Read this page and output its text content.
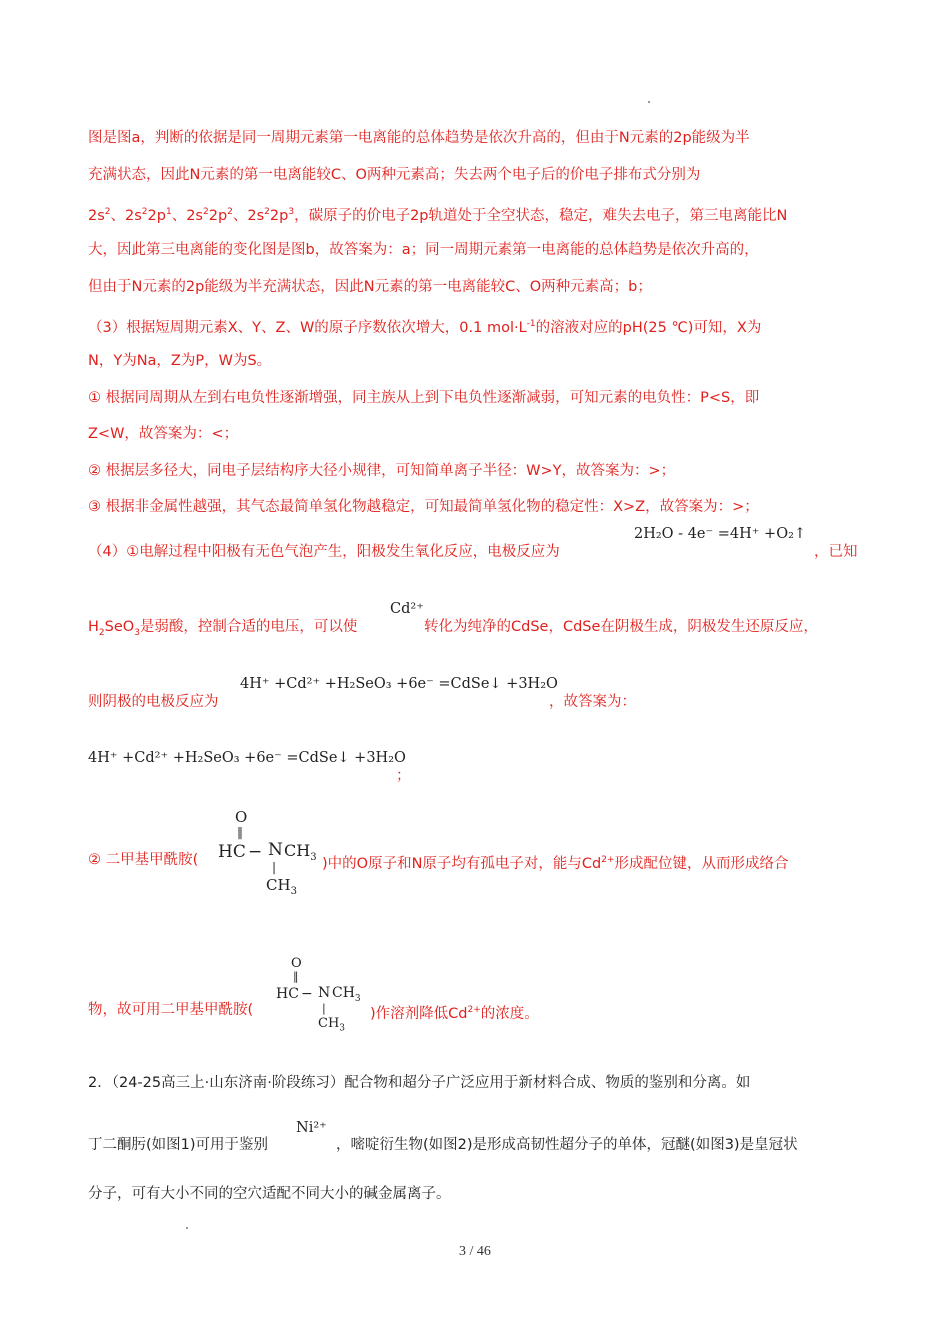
图是图a，判断的依据是同一周期元素第一电离能的总体趋势是依次升高的，但由于N元素的2p能级为半
充满状态，因此N元素的第一电离能较C、O两种元素高；失去两个电子后的价电子排布式分别为
$2s^2$、$2s^22p^1$、$2s^22p^2$、$2s^22p^3$，碳原子的价电子2p轨道处于全空状态，稳定，难失去电子，第三电离能比N
大，因此第三电离能的变化图是图b，故答案为：a；同一周期元素第一电离能的总体趋势是依次升高的，
但由于N元素的2p能级为半充满状态，因此N元素的第一电离能较C、O两种元素高；b；
（3）根据短周期元素X、Y、Z、W的原子序数依次增大，0.1 $mol\cdot L^{-1}$的溶液对应的pH(25 ℃)可知，X为
N，Y为Na，Z为P，W为S。
① 根据同周期从左到右电负性逐渐增强，同主族从上到下电负性逐渐减弱，可知元素的电负性：P<S，即
Z<W，故答案为：<；
② 根据层多径大，同电子层结构序大径小规律，可知简单离子半径：W>Y，故答案为：>；
③ 根据非金属性越强，其气态最简单氢化物越稳定，可知最简单氢化物的稳定性：X>Z，故答案为：>；
（4）①电解过程中阳极有无色气泡产生，阳极发生氧化反应，电极反应为
2H₂O - 4e⁻ =4H⁺ +O₂↑
，已知
$H_2SeO_3$是弱酸，控制合适的电压，可以使
Cd²⁺
转化为纯净的CdSe，CdSe在阴极生成，阴极发生还原反应，
则阴极的电极反应为
4H⁺ +Cd²⁺ +H₂SeO₃ +6e⁻ =CdSe↓ +3H₂O
，故答案为：
4H⁺ +Cd²⁺ +H₂SeO₃ +6e⁻ =CdSe↓ +3H₂O
；
② 二甲基甲酰胺(
O
‖
HC − N $CH_3$
|
$CH_3$
)中的O原子和N原子均有孤电子对，能与$Cd^{2+}$形成配位键，从而形成络合
物，故可用二甲基甲酰胺(
O
‖
HC − N $CH_3$
|
$CH_3$
)作溶剂降低$Cd^{2+}$的浓度。
2．（24-25高三上·山东济南·阶段练习）配合物和超分子广泛应用于新材料合成、物质的鉴别和分离。如
丁二酮肟(如图1)可用于鉴别
Ni²⁺
，嘧啶衍生物(如图2)是形成高韧性超分子的单体，冠醚(如图3)是皇冠状
分子，可有大小不同的空穴适配不同大小的碱金属离子。
3 / 46
